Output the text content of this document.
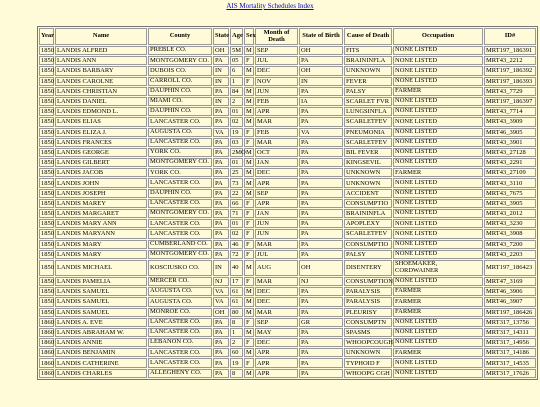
AIS Mortality Schedules Index
Year	Name	County	State	Age	Sex	Month of Death	State of Birth	Cause of Death	Occupation	ID#
1850	LANDIS ALFRED	PREBLE CO.	OH	5M	M	SEP	OH	FITS	NONE LISTED	MRT197_186391
1850	LANDIS ANN	MONTGOMERY CO.	PA	05	F	JUL	PA	BRAININFLA	NONE LISTED	MRT43_2212
1850	LANDIS BARBARY	DUBOIS CO.	IN	6	M	DEC	OH	UNKNOWN	NONE LISTED	MRT197_186392
1850	LANDIS CAROLNE	CARROLL CO.	IN	1	F	NOV	IN	FEVER	NONE LISTED	MRT197_186393
1850	LANDIS CHRISTIAN	DAUPHIN CO.	PA	84	M	JUN	PA	PALSY	FARMER	MRT43_7729
1850	LANDIS DANIEL	MIAMI CO.	IN	2	M	FEB	IA	SCARLET FVR	NONE LISTED	MRT197_186397
1850	LANDIS EDMOND L.	DAUPHIN CO.	PA	01	M	APR	PA	LUNGSINFLA	NONE LISTED	MRT43_7714
1850	LANDIS ELIAS	LANCASTER CO.	PA	02	M	MAR	PA	SCARLETFEV	NONE LISTED	MRT43_3909
1850	LANDIS ELIZA J.	AUGUSTA CO.	VA	19	F	FEB	VA	PNEUMONIA	NONE LISTED	MRT46_3905
1850	LANDIS FRANCES	LANCASTER CO.	PA	03	F	MAR	PA	SCARLETFEV	NONE LISTED	MRT43_3901
1850	LANDIS GEORGE	YORK CO.	PA	2MO	M	OCT	PA	BIL FEVER	NONE LISTED	MRT43_27128
1850	LANDIS GILBERT	MONTGOMERY CO.	PA	01	M	JAN	PA	KINGSEVIL	NONE LISTED	MRT43_2291
1850	LANDIS JACOB	YORK CO.	PA	25	M	DEC	PA	UNKNOWN	FARMER	MRT43_27109
1850	LANDIS JOHN	LANCASTER CO.	PA	73	M	APR	PA	UNKNOWN	NONE LISTED	MRT43_3110
1850	LANDIS JOSEPH	DAUPHIN CO.	PA	22	M	SEP	PA	ACCIDENT	NONE LISTED	MRT43_7675
1850	LANDIS MAREY	LANCASTER CO.	PA	66	F	APR	PA	CONSUMPTIO	NONE LISTED	MRT43_3905
1850	LANDIS MARGARET	MONTGOMERY CO.	PA	71	F	JAN	PA	BRAININFLA	NONE LISTED	MRT43_2012
1850	LANDIS MARY ANN	LANCASTER CO.	PA	01	F	JUN	PA	APOPLEXY	NONE LISTED	MRT43_3230
1850	LANDIS MARYANN	LANCASTER CO.	PA	02	F	JUN	PA	SCARLETFEV	NONE LISTED	MRT43_3908
1850	LANDIS MARY	CUMBERLAND CO.	PA	46	F	MAR	PA	CONSUMPTIO	NONE LISTED	MRT43_7200
1850	LANDIS MARY	MONTGOMERY CO.	PA	72	F	JUL	PA	PALSY	NONE LISTED	MRT43_2203
1850	LANDIS MICHAEL	KOSCIUSKO CO.	IN	40	M	AUG	OH	DISENTERY	SHOEMAKER, CORDWAINER	MRT197_186423
1850	LANDIS PAMELIA	MERCER CO.	NJ	17	F	MAR	NJ	CONSUMPTION	NONE LISTED	MRT47_3169
1850	LANDIS SAMUEL	AUGUSTA CO.	VA	61	M	DEC	PA	PARALYSIS	FARMER	MRT46_3906
1850	LANDIS SAMUEL	AUGUSTA CO.	VA	61	M	DEC	PA	PARALYSIS	FARMER	MRT46_3907
1850	LANDIS SAMUEL	MONROE CO.	OH	80	M	MAR	PA	PLEURISY	FARMER	MRT197_186426
1860	LANDIS A. EVE	LANCASTER CO.	PA	8	F	SEP	GR	CONSUMPTN	NONE LISTED	MRT317_13756
1860	LANDIS ABRAHAM W.	LANCASTER CO.	PA	1	M	MAY	PA	SPASMS	NONE LISTED	MRT317_14311
1860	LANDIS ANNIE	LEBANON CO.	PA	2	F	DEC	PA	WHOOPCOUGH	NONE LISTED	MRT317_14956
1860	LANDIS BENJAMIN	LANCASTER CO.	PA	60	M	APR	PA	UNKNOWN	FARMER	MRT317_14186
1860	LANDIS CATHERINE	LANCASTER CO.	PA	19	F	APR	PA	TYPHOID F	NONE LISTED	MRT317_14535
1860	LANDIS CHARLES	ALLEGHENY CO.	PA	8	M	APR	PA	WHOOPG CGH	NONE LISTED	MRT317_17626
